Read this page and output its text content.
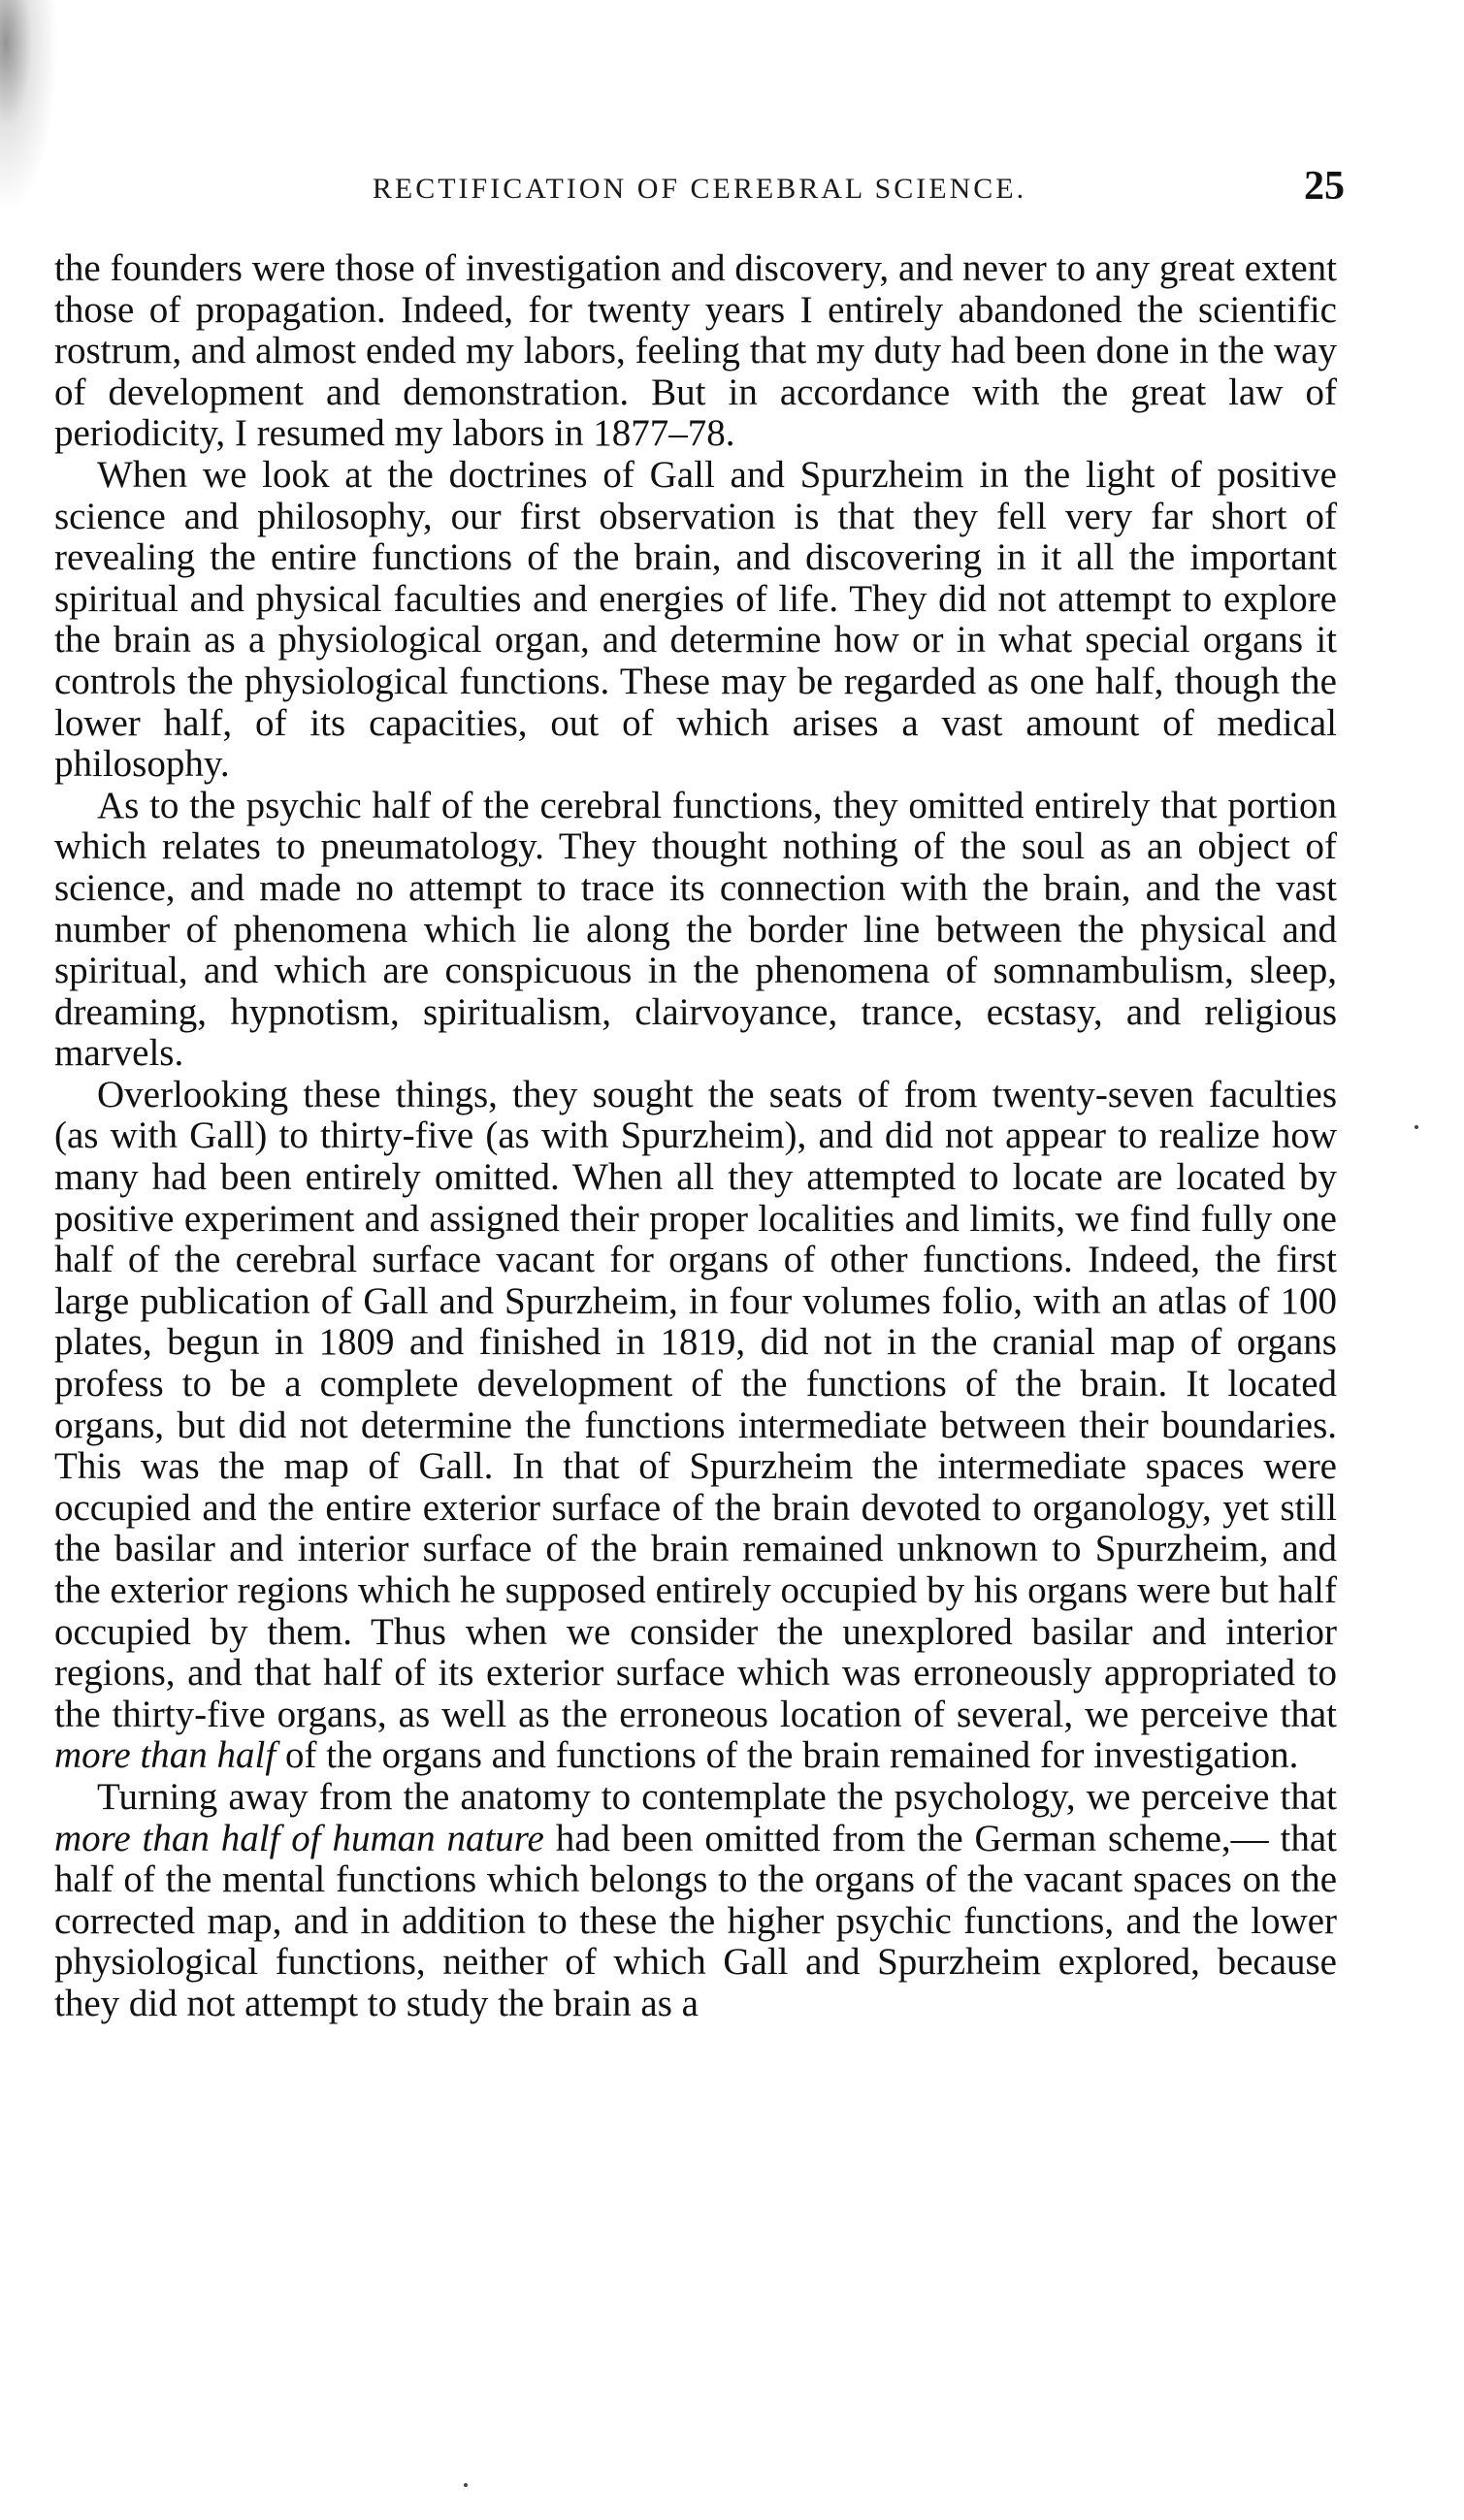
RECTIFICATION OF CEREBRAL SCIENCE.	25

the founders were those of investigation and discovery, and never to any great extent those of propagation. Indeed, for twenty years I entirely abandoned the scientific rostrum, and almost ended my labors, feeling that my duty had been done in the way of development and demonstration. But in accordance with the great law of periodicity, I resumed my labors in 1877–78.

When we look at the doctrines of Gall and Spurzheim in the light of positive science and philosophy, our first observation is that they fell very far short of revealing the entire functions of the brain, and discovering in it all the important spiritual and physical faculties and energies of life. They did not attempt to explore the brain as a physiological organ, and determine how or in what special organs it controls the physiological functions. These may be regarded as one half, though the lower half, of its capacities, out of which arises a vast amount of medical philosophy.

As to the psychic half of the cerebral functions, they omitted entirely that portion which relates to pneumatology. They thought nothing of the soul as an object of science, and made no attempt to trace its connection with the brain, and the vast number of phenomena which lie along the border line between the physical and spiritual, and which are conspicuous in the phenomena of somnambulism, sleep, dreaming, hypnotism, spiritualism, clairvoyance, trance, ecstasy, and religious marvels.

Overlooking these things, they sought the seats of from twenty-seven faculties (as with Gall) to thirty-five (as with Spurzheim), and did not appear to realize how many had been entirely omitted. When all they attempted to locate are located by positive experiment and assigned their proper localities and limits, we find fully one half of the cerebral surface vacant for organs of other functions. Indeed, the first large publication of Gall and Spurzheim, in four volumes folio, with an atlas of 100 plates, begun in 1809 and finished in 1819, did not in the cranial map of organs profess to be a complete development of the functions of the brain. It located organs, but did not determine the functions intermediate between their boundaries. This was the map of Gall. In that of Spurzheim the intermediate spaces were occupied and the entire exterior surface of the brain devoted to organology, yet still the basilar and interior surface of the brain remained unknown to Spurzheim, and the exterior regions which he supposed entirely occupied by his organs were but half occupied by them. Thus when we consider the unexplored basilar and interior regions, and that half of its exterior surface which was erroneously appropriated to the thirty-five organs, as well as the erroneous location of several, we perceive that more than half of the organs and functions of the brain remained for investigation.

Turning away from the anatomy to contemplate the psychology, we perceive that more than half of human nature had been omitted from the German scheme,— that half of the mental functions which belongs to the organs of the vacant spaces on the corrected map, and in addition to these the higher psychic functions, and the lower physiological functions, neither of which Gall and Spurzheim explored, because they did not attempt to study the brain as a
